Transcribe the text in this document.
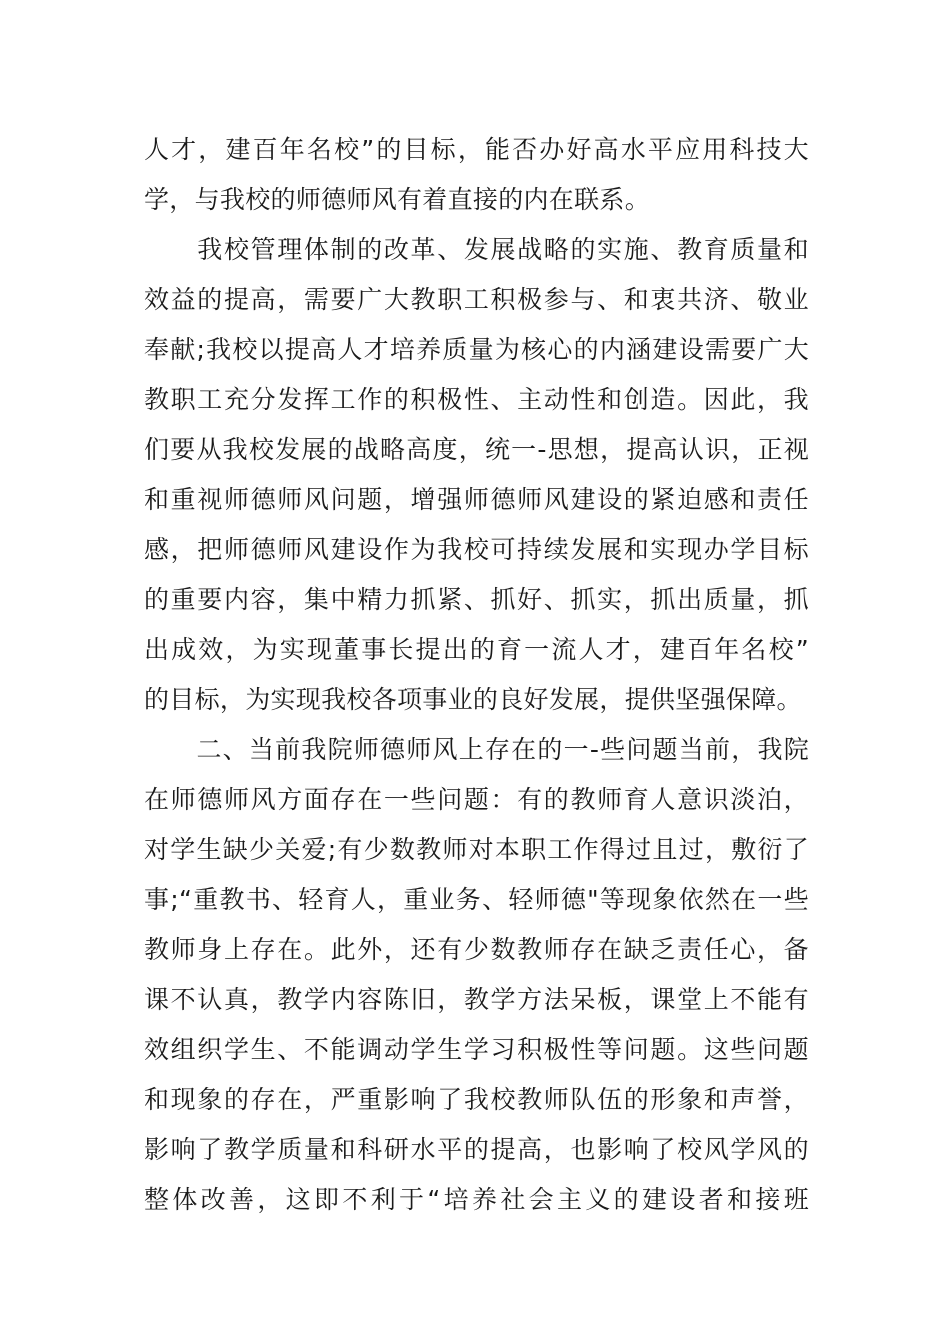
人才，建百年名校”的目标，能否办好高水平应用科技大
学，与我校的师德师风有着直接的内在联系。
　　我校管理体制的改革、发展战略的实施、教育质量和
效益的提高，需要广大教职工积极参与、和衷共济、敬业
奉献;我校以提高人才培养质量为核心的内涵建设需要广大
教职工充分发挥工作的积极性、主动性和创造。因此，我
们要从我校发展的战略高度，统一-思想，提高认识，正视
和重视师德师风问题，增强师德师风建设的紧迫感和责任
感，把师德师风建设作为我校可持续发展和实现办学目标
的重要内容，集中精力抓紧、抓好、抓实，抓出质量，抓
出成效，为实现董事长提出的育一流人才，建百年名校”
的目标，为实现我校各项事业的良好发展，提供坚强保障。
　　二、当前我院师德师风上存在的一-些问题当前，我院
在师德师风方面存在一些问题：有的教师育人意识淡泊，
对学生缺少关爱;有少数教师对本职工作得过且过，敷衍了
事;“重教书、轻育人，重业务、轻师德"等现象依然在一些
教师身上存在。此外，还有少数教师存在缺乏责任心，备
课不认真，教学内容陈旧，教学方法呆板，课堂上不能有
效组织学生、不能调动学生学习积极性等问题。这些问题
和现象的存在，严重影响了我校教师队伍的形象和声誉，
影响了教学质量和科研水平的提高，也影响了校风学风的
整体改善，这即不利于“培养社会主义的建设者和接班
